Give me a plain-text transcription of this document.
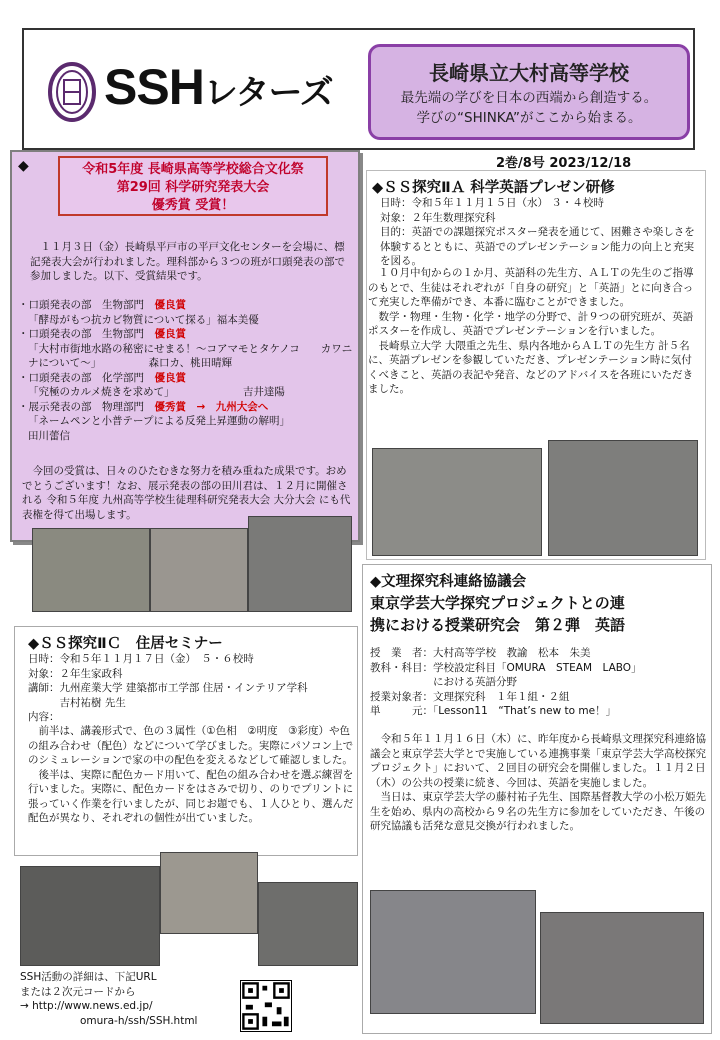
SSHレターズ
長崎県立大村高等学校
最先端の学びを日本の西端から創造する。
学びの“SHINKA”がここから始まる。
2巻/8号 2023/12/18
◆	令和5年度 長崎県高等学校総合文化祭
第29回 科学研究発表大会
優秀賞 受賞！
　１１月３日（金）長崎県平戸市の平戸文化センターを会場に、標記発表大会が行われました。理科部から３つの班が口頭発表の部で参加しました。以下、受賞結果です。
・口頭発表の部　生物部門　優良賞
「酵母がもつ抗カビ物質について探る」福本美優
・口頭発表の部　生物部門　優良賞
「大村市街地水路の秘密にせまる！～コアマモとタケノコ　　カワニナについて～」　　　　　森口カ、桃田晴輝
・口頭発表の部　化学部門　優良賞
「究極のカルメ焼きを求めて」　　　　　　　吉井達陽
・展示発表の部　物理部門　優秀賞　→　九州大会へ
「ネームペンと小普テープによる反発上昇運動の解明」　　　　　　　　　　　　　　　　田川蕾信
　今回の受賞は、日々のひたむきな努力を積み重ねた成果です。おめでとうございます！なお、展示発表の部の田川君は、１２月に開催される 令和５年度 九州高等学校生徒理科研究発表大会 大分大会 にも代表権を得て出場します。
◆ＳＳ探究ⅡＡ 科学英語プレゼン研修
日時：令和５年１１月１５日（水） ３・４校時
対象：２年生数理探究科
目的：英語での課題探究ポスター発表を通じて、困難さや楽しさを体験するとともに、英語でのプレゼンテーション能力の向上と充実を図る。
　１０月中旬からの１か月、英語科の先生方、ＡＬＴの先生のご指導のもとで、生徒はそれぞれが「自身の研究」と「英語」とに向き合って充実した準備ができ、本番に臨むことができました。
　数学・物理・生物・化学・地学の分野で、計９つの研究班が、英語ポスターを作成し、英語でプレゼンテーションを行いました。
　長崎県立大学 大隈重之先生、県内各地からＡＬＴの先生方 計５名に、英語プレゼンを参観していただき、プレゼンテーション時に気付くべきこと、英語の表記や発音、などのアドバイスを各班にいただきました。
◆ＳＳ探究ⅡＣ　住居セミナー
日時：令和５年１１月１７日（金）　５・６校時
対象：２年生家政科
講師：九州産業大学 建築都市工学部 住居・インテリア学科
　　　吉村祐樹 先生
内容：
　前半は、講義形式で、色の３属性（①色相　②明度　③彩度）や色の組み合わせ（配色）などについて学びました。実際にパソコン上でのシミュレーションで家の中の配色を変えるなどして確認しました。
　後半は、実際に配色カード用いて、配色の組み合わせを選ぶ練習を行いました。実際に、配色カードをはさみで切り、のりでプリントに張っていく作業を行いましたが、同じお題でも、１人ひとり、選んだ配色が異なり、それぞれの個性が出ていました。
SSH活動の詳細は、下記URL
または２次元コードから
→ http://www.news.ed.jp/
omura-h/ssh/SSH.html
◆文理探究科連絡協議会
東京学芸大学探究プロジェクトとの連
携における授業研究会　第２弾　英語
授　業　者：大村高等学校　教諭　松本　朱美
教科・科目：学校設定科目「OMURA　STEAM　LABO」
　　　　　　における英語分野
授業対象者：文理探究科　１年１組・２組
単　　　元：「Lesson11　“That’s new to me！」
　令和５年１１月１６日（木）に、昨年度から長崎県文理探究科連絡協議会と東京学芸大学とで実施している連携事業「東京学芸大学高校探究プロジェクト」において、２回目の研究会を開催しました。１１月２日（木）の公共の授業に続き、今回は、英語を実施しました。
　当日は、東京学芸大学の藤村祐子先生、国際基督教大学の小松万姫先生を始め、県内の高校から９名の先生方に参加をしていただき、午後の研究協議も活発な意見交換が行われました。
